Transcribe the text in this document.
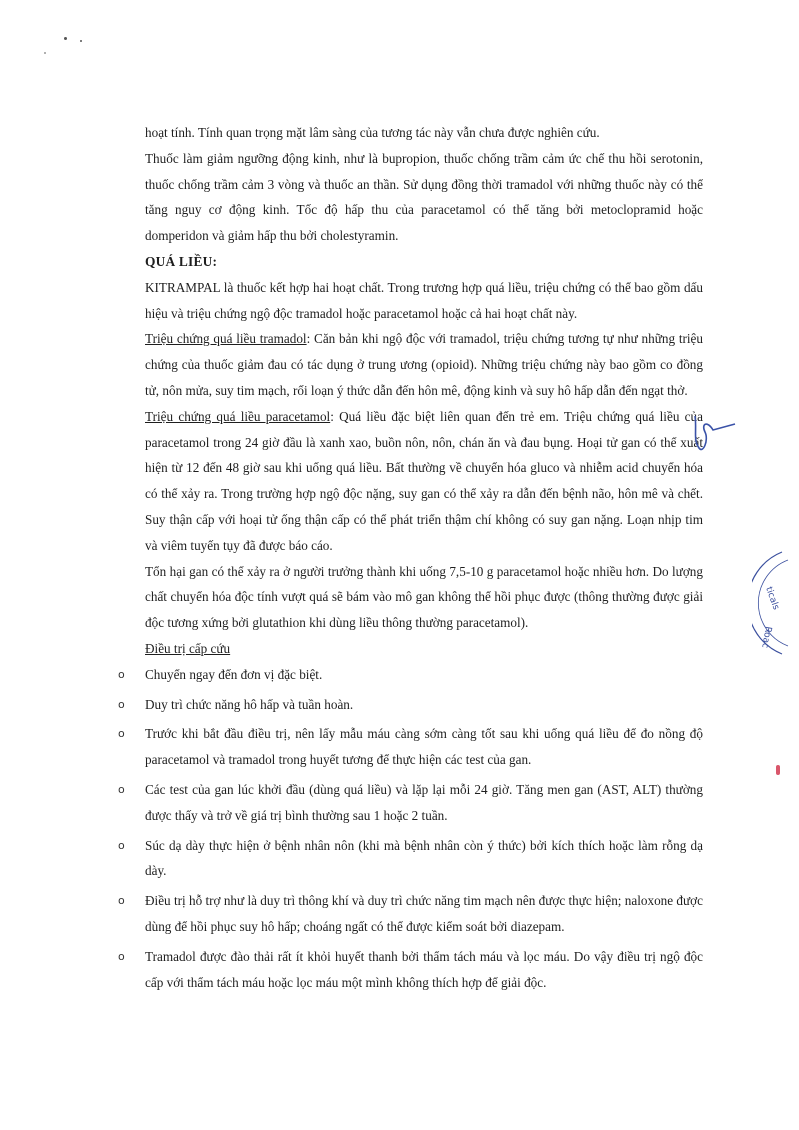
hoạt tính. Tính quan trọng mặt lâm sàng của tương tác này vẫn chưa được nghiên cứu.

Thuốc làm giảm ngưỡng động kinh, như là bupropion, thuốc chống trầm cảm ức chế thu hồi serotonin, thuốc chống trầm cảm 3 vòng và thuốc an thần. Sử dụng đồng thời tramadol với những thuốc này có thể tăng nguy cơ động kinh. Tốc độ hấp thu của paracetamol có thể tăng bởi metoclopramid hoặc domperidon và giảm hấp thu bởi cholestyramin.

QUÁ LIỀU:

KITRAMPAL là thuốc kết hợp hai hoạt chất. Trong trương hợp quá liều, triệu chứng có thể bao gồm dấu hiệu và triệu chứng ngộ độc tramadol hoặc paracetamol hoặc cả hai hoạt chất này.

Triệu chứng quá liều tramadol: Căn bản khi ngộ độc với tramadol, triệu chứng tương tự như những triệu chứng của thuốc giảm đau có tác dụng ở trung ương (opioid). Những triệu chứng này bao gồm co đồng tử, nôn mửa, suy tim mạch, rối loạn ý thức dẫn đến hôn mê, động kinh và suy hô hấp dẫn đến ngạt thở.

Triệu chứng quá liều paracetamol: Quá liều đặc biệt liên quan đến trẻ em. Triệu chứng quá liều của paracetamol trong 24 giờ đầu là xanh xao, buồn nôn, nôn, chán ăn và đau bụng. Hoại tử gan có thể xuất hiện từ 12 đến 48 giờ sau khi uống quá liều. Bất thường về chuyển hóa gluco và nhiễm acid chuyển hóa có thể xảy ra. Trong trường hợp ngộ độc nặng, suy gan có thể xảy ra dẫn đến bệnh não, hôn mê và chết. Suy thận cấp với hoại tử ống thận cấp có thể phát triển thậm chí không có suy gan nặng. Loạn nhịp tim và viêm tuyến tụy đã được báo cáo.

Tổn hại gan có thể xảy ra ở người trưởng thành khi uống 7,5-10 g paracetamol hoặc nhiều hơn. Do lượng chất chuyển hóa độc tính vượt quá sẽ bám vào mô gan không thể hồi phục được (thông thường được giải độc tương xứng bởi glutathion khi dùng liều thông thường paracetamol).

Điều trị cấp cứu

o Chuyển ngay đến đơn vị đặc biệt.
o Duy trì chức năng hô hấp và tuần hoàn.
o Trước khi bắt đầu điều trị, nên lấy mẫu máu càng sớm càng tốt sau khi uống quá liều để đo nồng độ paracetamol và tramadol trong huyết tương để thực hiện các test của gan.
o Các test của gan lúc khởi đầu (dùng quá liều) và lặp lại mỗi 24 giờ. Tăng men gan (AST, ALT) thường được thấy và trở về giá trị bình thường sau 1 hoặc 2 tuần.
o Súc dạ dày thực hiện ở bệnh nhân nôn (khi mà bệnh nhân còn ý thức) bởi kích thích hoặc làm rỗng dạ dày.
o Điều trị hỗ trợ như là duy trì thông khí và duy trì chức năng tim mạch nên được thực hiện; naloxone được dùng để hồi phục suy hô hấp; choáng ngất có thể được kiểm soát bởi diazepam.
o Tramadol được đào thải rất ít khỏi huyết thanh bởi thẩm tách máu và lọc máu. Do vậy điều trị ngộ độc cấp với thẩm tách máu hoặc lọc máu một mình không thích hợp để giải độc.
ticals
Roac
